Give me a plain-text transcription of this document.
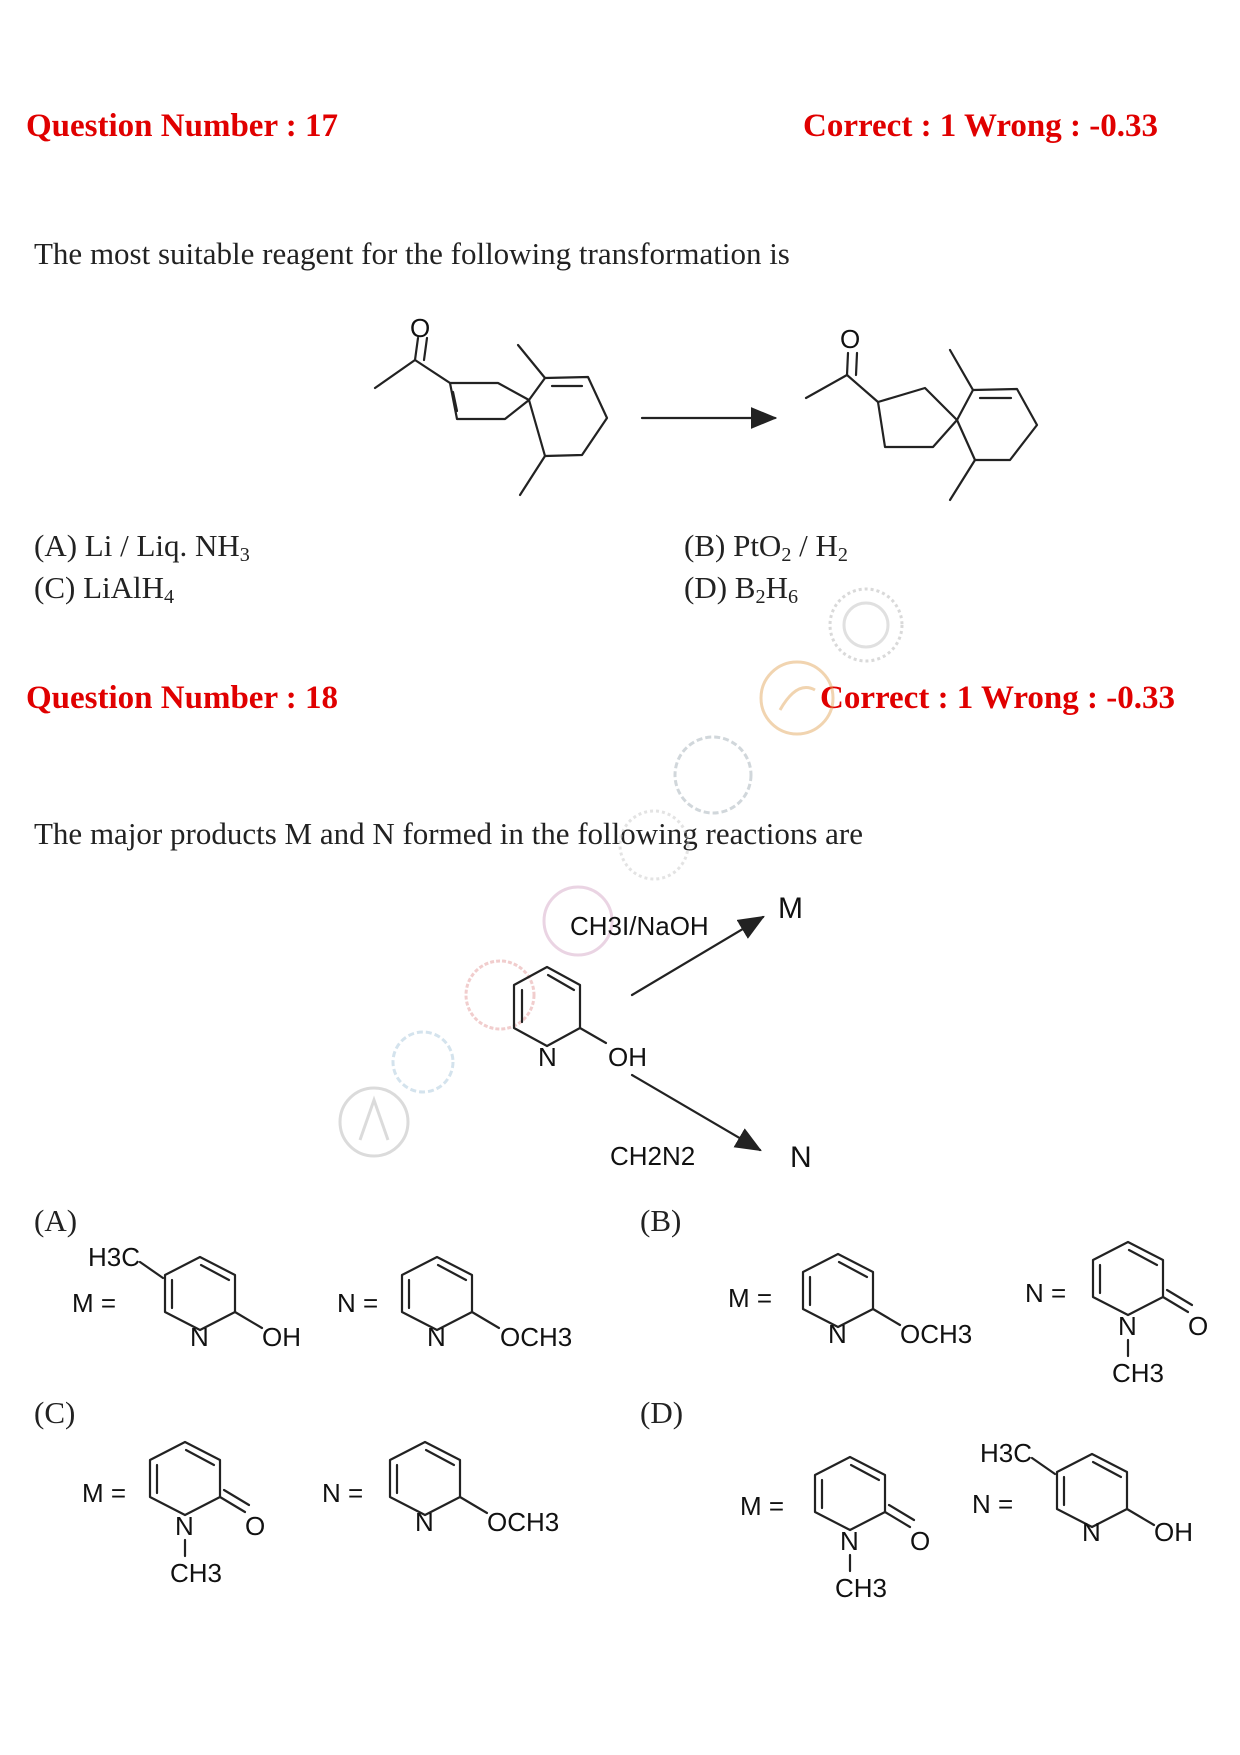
Question Number : 17	Correct : 1 Wrong : -0.33
The most suitable reagent for the following transformation is
(A) Li / Liq. $NH_3$	(B) $PtO_2 / H_2$
(C) LiAlH$_4$	(D) $B_2H_6$
Question Number : 18	Correct : 1 Wrong : -0.33
The major products M and N formed in the following reactions are
(A)	(B)
(C)	(D)
O	O
N OH
CH3I/NaOH
CH2N2
M
N
M =
H3C
N OH
N =
N OCH3
M =
N OCH3
N =
N O
CH3
M =
N O
CH3
N =
N OCH3
M =
N O
CH3
N =
H3C
N OH
